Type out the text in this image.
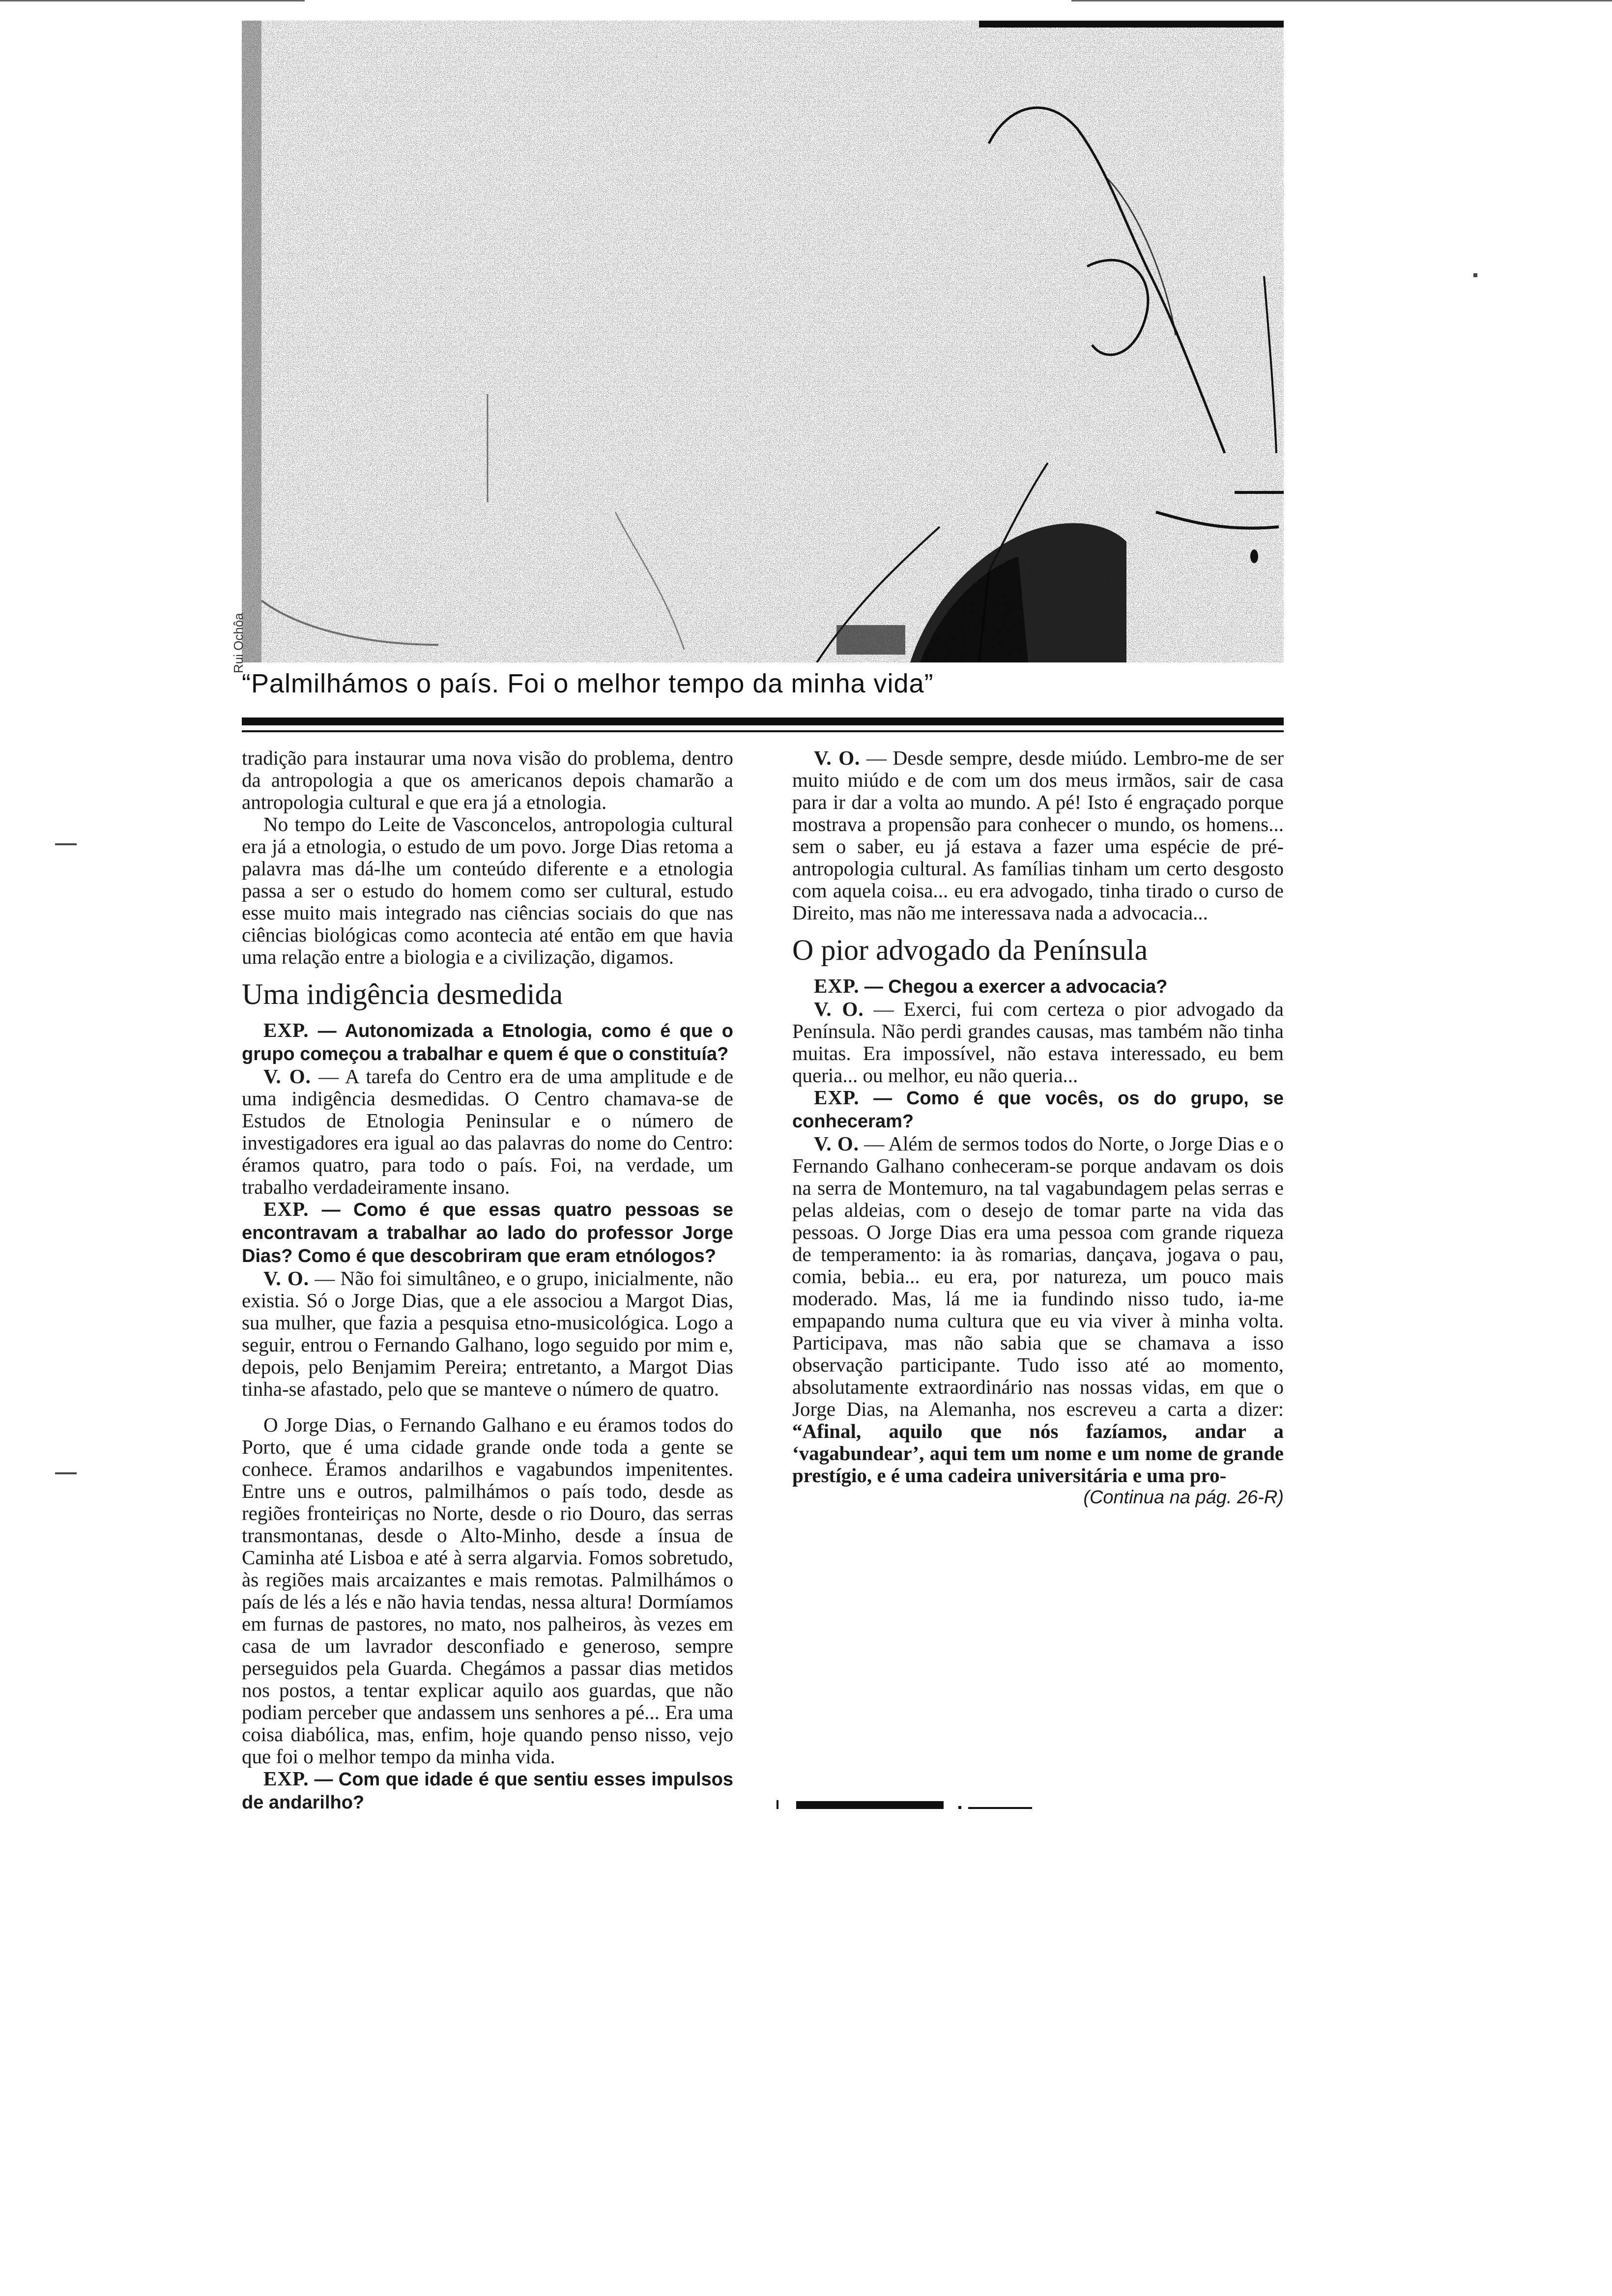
Rui Ochôa
“Palmilhámos o país. Foi o melhor tempo da minha vida”

tradição para instaurar uma nova visão do problema, dentro da antropologia a que os americanos depois chamarão a antropologia cultural e que era já a etnologia.

No tempo do Leite de Vasconcelos, antropologia cultural era já a etnologia, o estudo de um povo. Jorge Dias retoma a palavra mas dá-lhe um conteúdo diferente e a etnologia passa a ser o estudo do homem como ser cultural, estudo esse muito mais integrado nas ciências sociais do que nas ciências biológicas como acontecia até então em que havia uma relação entre a biologia e a civilização, digamos.

Uma indigência desmedida

EXP. — Autonomizada a Etnologia, como é que o grupo começou a trabalhar e quem é que o constituía?

V. O. — A tarefa do Centro era de uma amplitude e de uma indigência desmedidas. O Centro chamava-se de Estudos de Etnologia Peninsular e o número de investigadores era igual ao das palavras do nome do Centro: éramos quatro, para todo o país. Foi, na verdade, um trabalho verdadeiramente insano.

EXP. — Como é que essas quatro pessoas se encontravam a trabalhar ao lado do professor Jorge Dias? Como é que descobriram que eram etnólogos?

V. O. — Não foi simultâneo, e o grupo, inicialmente, não existia. Só o Jorge Dias, que a ele associou a Margot Dias, sua mulher, que fazia a pesquisa etno-musicológica. Logo a seguir, entrou o Fernando Galhano, logo seguido por mim e, depois, pelo Benjamim Pereira; entretanto, a Margot Dias tinha-se afastado, pelo que se manteve o número de quatro.

O Jorge Dias, o Fernando Galhano e eu éramos todos do Porto, que é uma cidade grande onde toda a gente se conhece. Éramos andarilhos e vagabundos impenitentes. Entre uns e outros, palmilhámos o país todo, desde as regiões fronteiriças no Norte, desde o rio Douro, das serras transmontanas, desde o Alto-Minho, desde a ínsua de Caminha até Lisboa e até à serra algarvia. Fomos sobretudo, às regiões mais arcaizantes e mais remotas. Palmilhámos o país de lés a lés e não havia tendas, nessa altura! Dormíamos em furnas de pastores, no mato, nos palheiros, às vezes em casa de um lavrador desconfiado e generoso, sempre perseguidos pela Guarda. Chegámos a passar dias metidos nos postos, a tentar explicar aquilo aos guardas, que não podiam perceber que andassem uns senhores a pé... Era uma coisa diabólica, mas, enfim, hoje quando penso nisso, vejo que foi o melhor tempo da minha vida.

EXP. — Com que idade é que sentiu esses impulsos de andarilho?

V. O. — Desde sempre, desde miúdo. Lembro-me de ser muito miúdo e de com um dos meus irmãos, sair de casa para ir dar a volta ao mundo. A pé! Isto é engraçado porque mostrava a propensão para conhecer o mundo, os homens... sem o saber, eu já estava a fazer uma espécie de pré-antropologia cultural. As famílias tinham um certo desgosto com aquela coisa... eu era advogado, tinha tirado o curso de Direito, mas não me interessava nada a advocacia...

O pior advogado da Península

EXP. — Chegou a exercer a advocacia?

V. O. — Exerci, fui com certeza o pior advogado da Península. Não perdi grandes causas, mas também não tinha muitas. Era impossível, não estava interessado, eu bem queria... ou melhor, eu não queria...

EXP. — Como é que vocês, os do grupo, se conheceram?

V. O. — Além de sermos todos do Norte, o Jorge Dias e o Fernando Galhano conheceram-se porque andavam os dois na serra de Montemuro, na tal vagabundagem pelas serras e pelas aldeias, com o desejo de tomar parte na vida das pessoas. O Jorge Dias era uma pessoa com grande riqueza de temperamento: ia às romarias, dançava, jogava o pau, comia, bebia... eu era, por natureza, um pouco mais moderado. Mas, lá me ia fundindo nisso tudo, ia-me empapando numa cultura que eu via viver à minha volta. Participava, mas não sabia que se chamava a isso observação participante. Tudo isso até ao momento, absolutamente extraordinário nas nossas vidas, em que o Jorge Dias, na Alemanha, nos escreveu a carta a dizer: “Afinal, aquilo que nós fazíamos, andar a ‘vagabundear’, aqui tem um nome e um nome de grande prestígio, e é uma cadeira universitária e uma pro-

(Continua na pág. 26-R)
